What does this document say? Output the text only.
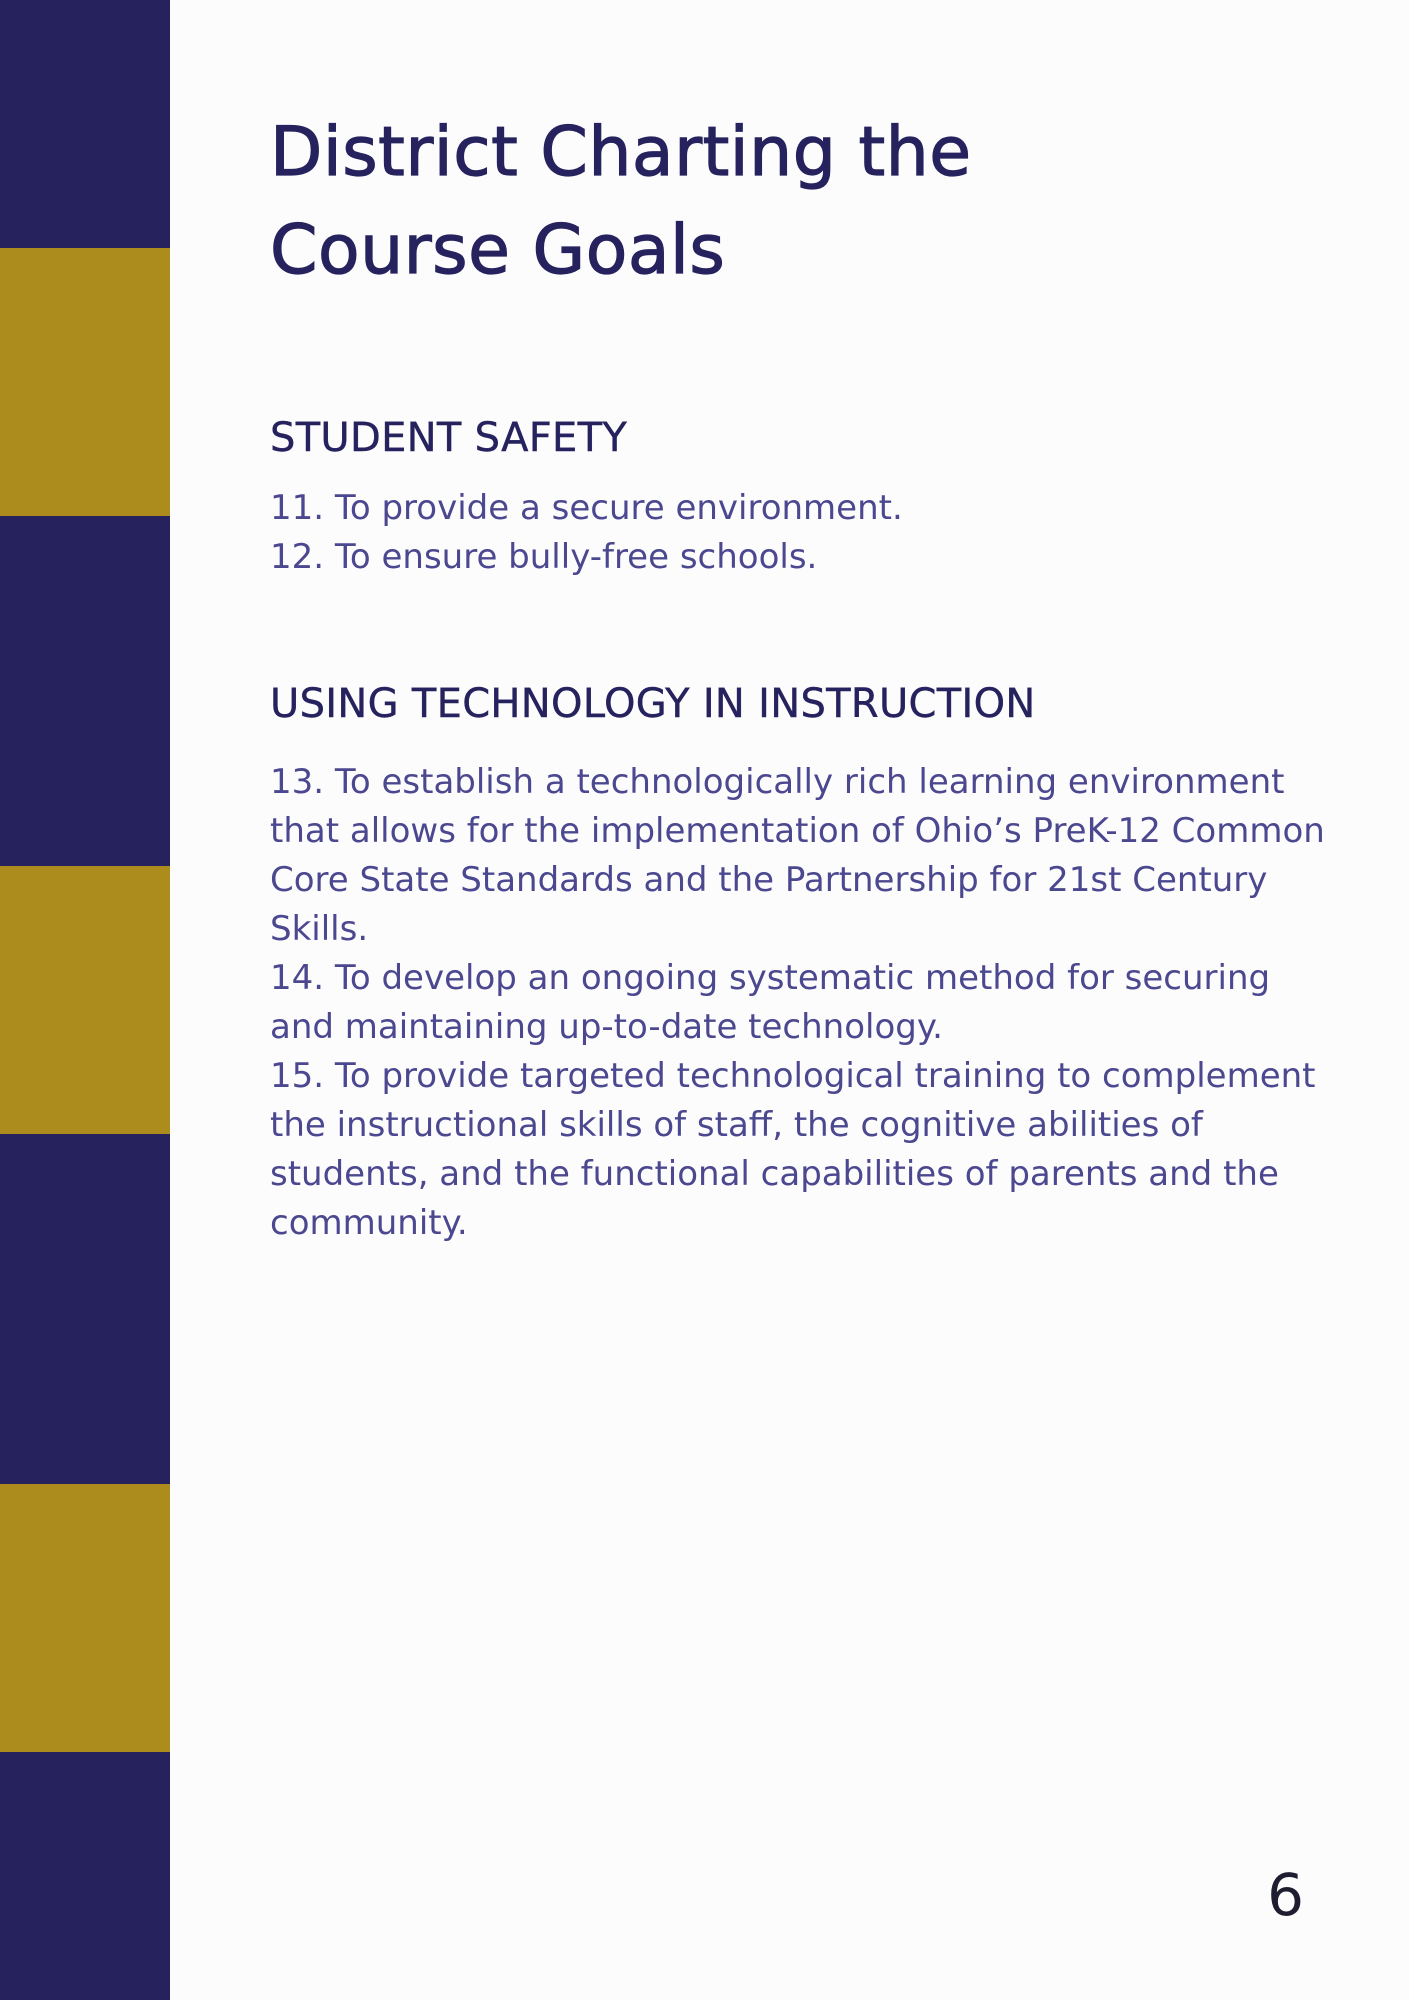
District Charting the
Course Goals
STUDENT SAFETY
11. To provide a secure environment.
12. To ensure bully-free schools.
USING TECHNOLOGY IN INSTRUCTION
13. To establish a technologically rich learning environment that allows for the implementation of Ohio’s PreK-12 Common Core State Standards and the Partnership for 21st Century Skills.
14. To develop an ongoing systematic method for securing and maintaining up-to-date technology.
15. To provide targeted technological training to complement the instructional skills of staff, the cognitive abilities of students, and the functional capabilities of parents and the community.
6
